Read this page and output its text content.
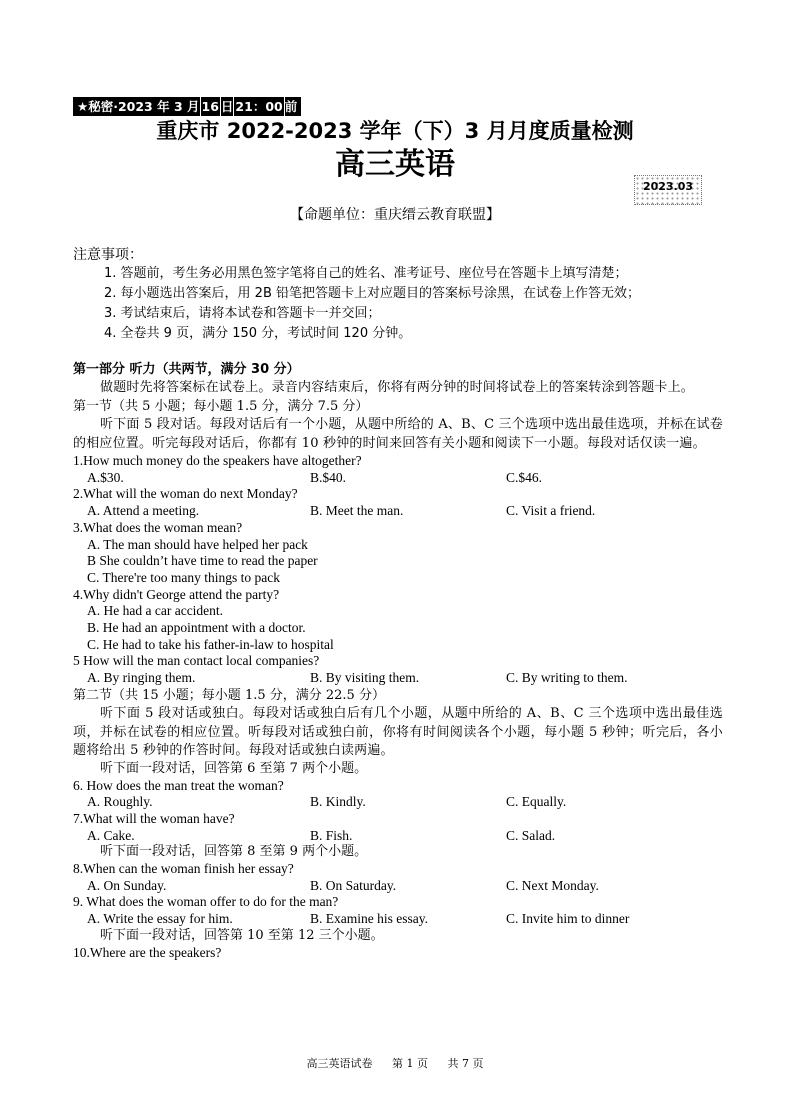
★秘密·2023 年 3 月 16 日 21：00 前
重庆市 2022-2023 学年（下）3 月月度质量检测
高三英语
2023.03
【命题单位：重庆缙云教育联盟】
注意事项：
1. 答题前，考生务必用黑色签字笔将自己的姓名、准考证号、座位号在答题卡上填写清楚；
2. 每小题选出答案后，用 2B 铅笔把答题卡上对应题目的答案标号涂黑，在试卷上作答无效；
3. 考试结束后，请将本试卷和答题卡一并交回；
4. 全卷共 9 页，满分 150 分，考试时间 120 分钟。
第一部分 听力（共两节，满分 30 分）
做题时先将答案标在试卷上。录音内容结束后，你将有两分钟的时间将试卷上的答案转涂到答题卡上。
第一节（共 5 小题；每小题 1.5 分，满分 7.5 分）
听下面 5 段对话。每段对话后有一个小题，从题中所给的 A、B、C 三个选项中选出最佳选项，并标在试卷的相应位置。听完每段对话后，你都有 10 秒钟的时间来回答有关小题和阅读下一小题。每段对话仅读一遍。
1.How much money do the speakers have altogether?
A.$30.	B.$40.	C.$46.
2.What will the woman do next Monday?
A. Attend a meeting.	B. Meet the man.	C. Visit a friend.
3.What does the woman mean?
A. The man should have helped her pack
B She couldn’t have time to read the paper
C. There're too many things to pack
4.Why didn't George attend the party?
A. He had a car accident.
B. He had an appointment with a doctor.
C. He had to take his father-in-law to hospital
5 How will the man contact local companies?
A. By ringing them.	B. By visiting them.	C. By writing to them.
第二节（共 15 小题；每小题 1.5 分，满分 22.5 分）
听下面 5 段对话或独白。每段对话或独白后有几个小题，从题中所给的 A、B、C 三个选项中选出最佳选项，并标在试卷的相应位置。听每段对话或独白前，你将有时间阅读各个小题，每小题 5 秒钟；听完后，各小题将给出 5 秒钟的作答时间。每段对话或独白读两遍。
听下面一段对话，回答第 6 至第 7 两个小题。
6. How does the man treat the woman?
A. Roughly.	B. Kindly.	C. Equally.
7.What will the woman have?
A. Cake.	B. Fish.	C. Salad.
听下面一段对话，回答第 8 至第 9 两个小题。
8.When can the woman finish her essay?
A. On Sunday.	B. On Saturday.	C. Next Monday.
9. What does the woman offer to do for the man?
A. Write the essay for him.	B. Examine his essay.	C. Invite him to dinner
听下面一段对话，回答第 10 至第 12 三个小题。
10.Where are the speakers?
高三英语试卷 第 1 页 共 7 页
